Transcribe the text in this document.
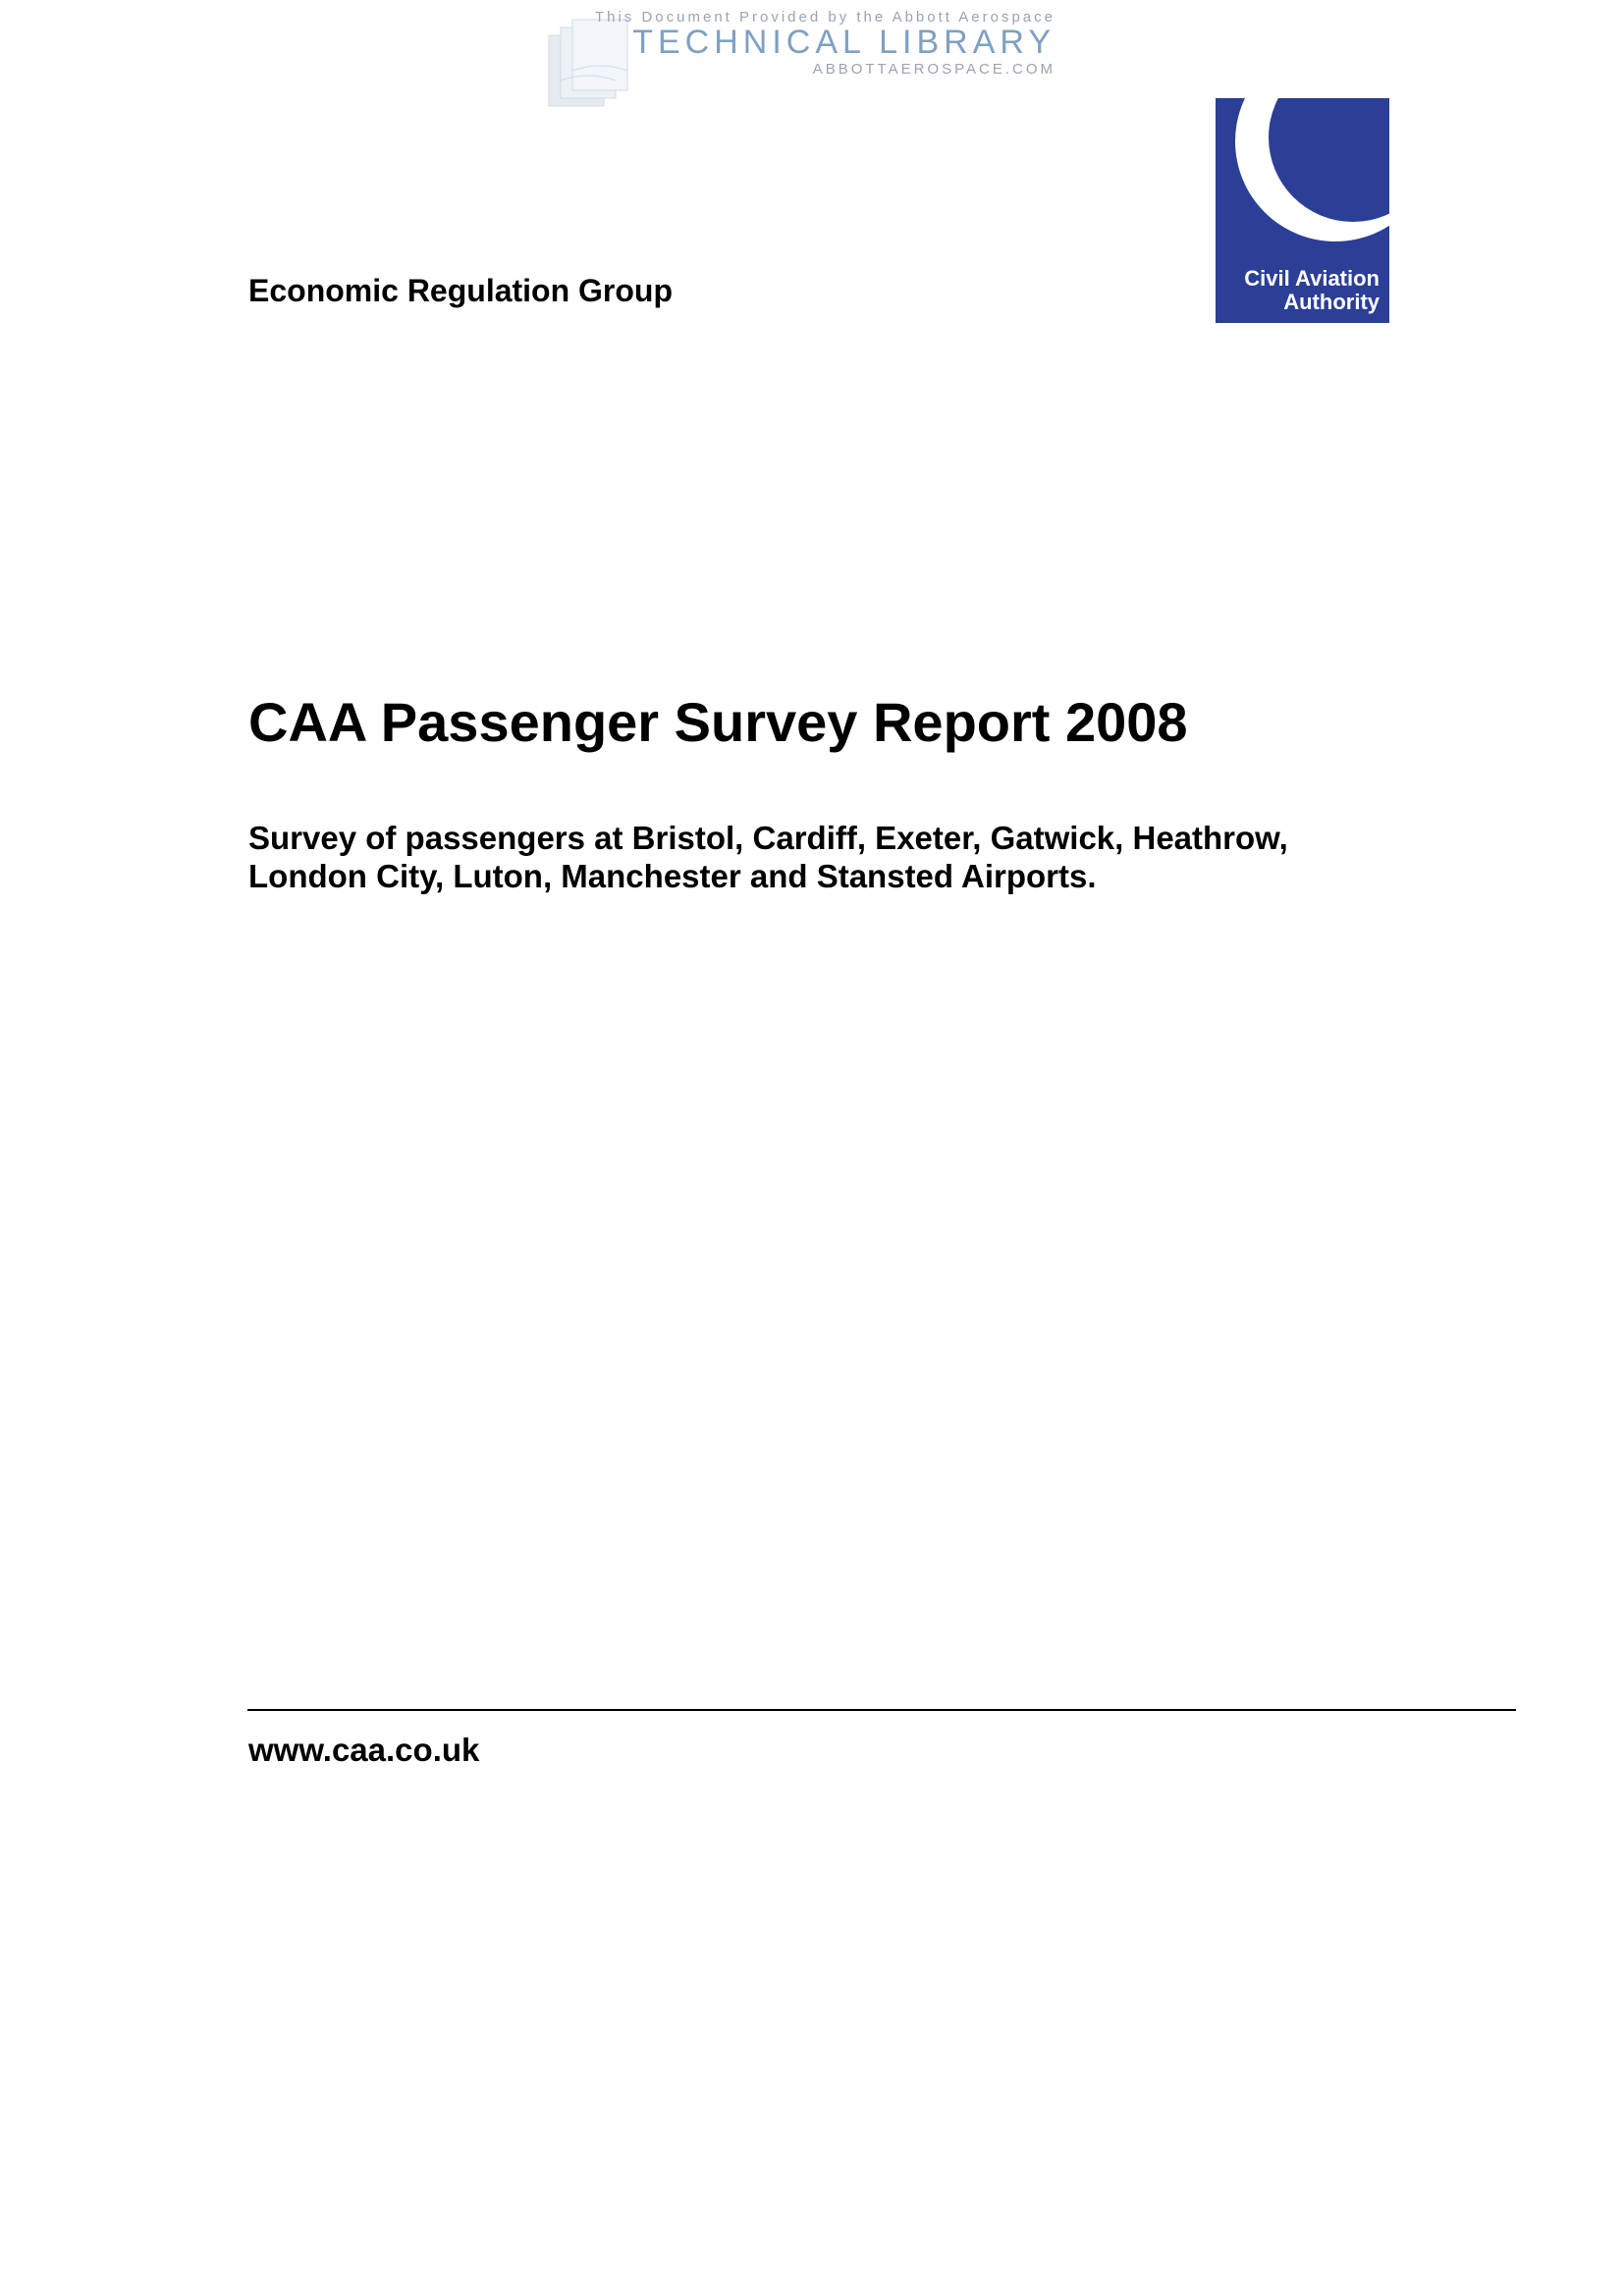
This Document Provided by the Abbott Aerospace
TECHNICAL LIBRARY
ABBOTTAEROSPACE.COM
Civil Aviation
Authority
Economic Regulation Group
CAA Passenger Survey Report 2008

Survey of passengers at Bristol, Cardiff, Exeter, Gatwick, Heathrow,
London City, Luton, Manchester and Stansted Airports.

www.caa.co.uk
